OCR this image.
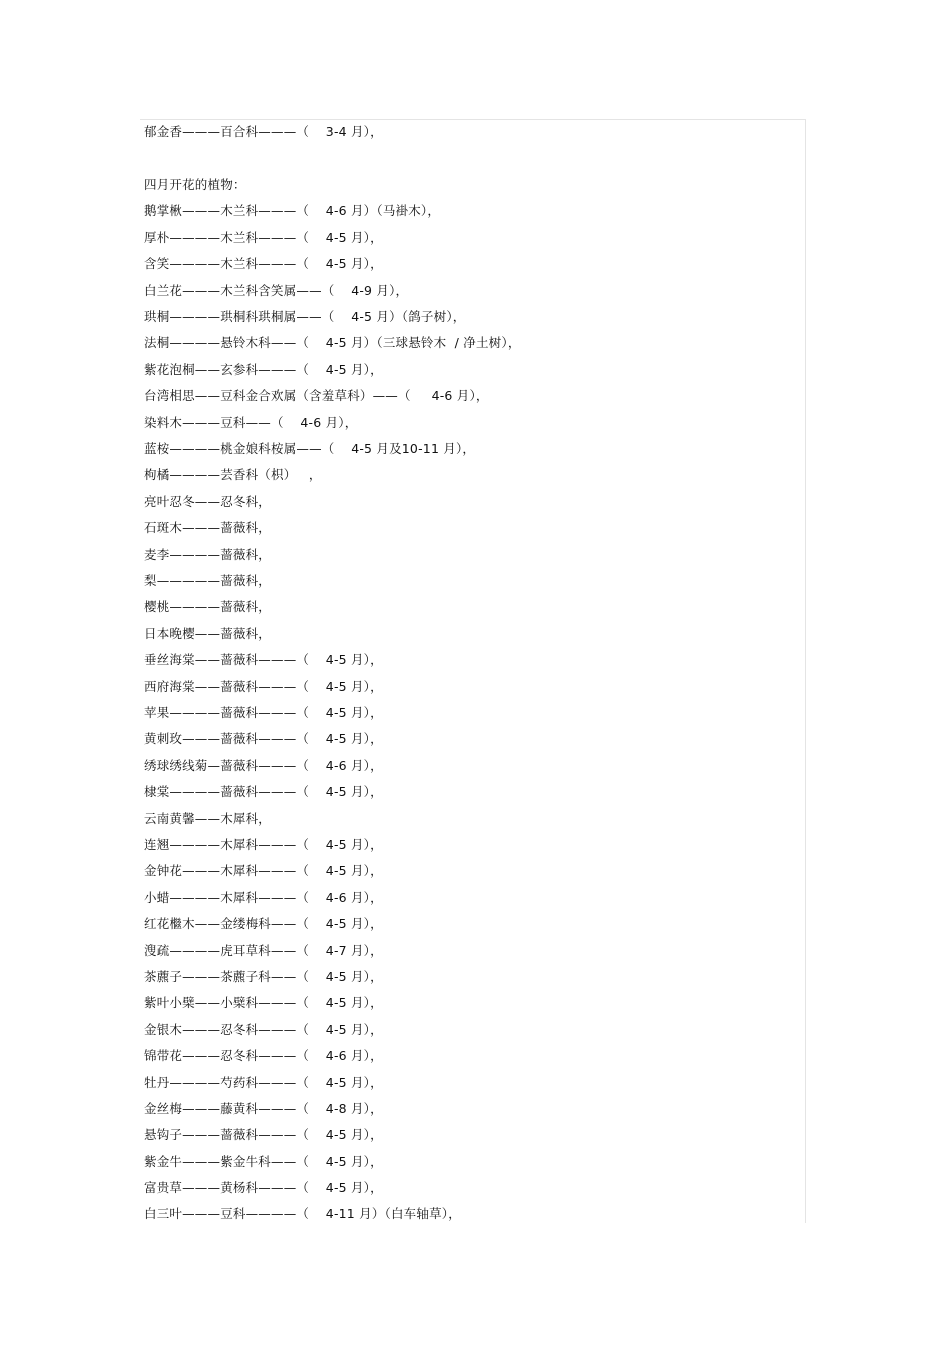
郁金香———百合科———（    3-4 月），
四月开花的植物：
鹅掌楸———木兰科———（    4-6 月）（马褂木），
厚朴————木兰科———（    4-5 月），
含笑————木兰科———（    4-5 月），
白兰花———木兰科含笑属——（    4-9 月），
珙桐————珙桐科珙桐属——（    4-5 月）（鸽子树），
法桐————悬铃木科——（    4-5 月）（三球悬铃木  / 净土树），
紫花泡桐——玄参科———（    4-5 月），
台湾相思——豆科金合欢属（含羞草科）——（     4-6 月），
染料木———豆科——（    4-6 月），
蓝桉————桃金娘科桉属——（    4-5 月及10-11 月），
枸橘————芸香科（枳）   ，
亮叶忍冬——忍冬科，
石斑木———蔷薇科，
麦李————蔷薇科，
梨—————蔷薇科，
樱桃————蔷薇科，
日本晚樱——蔷薇科，
垂丝海棠——蔷薇科———（    4-5 月），
西府海棠——蔷薇科———（    4-5 月），
苹果————蔷薇科———（    4-5 月），
黄刺玫———蔷薇科———（    4-5 月），
绣球绣线菊—蔷薇科———（    4-6 月），
棣棠————蔷薇科———（    4-5 月），
云南黄馨——木犀科，
连翘————木犀科———（    4-5 月），
金钟花———木犀科———（    4-5 月），
小蜡————木犀科———（    4-6 月），
红花檵木——金缕梅科——（    4-5 月），
溲疏————虎耳草科——（    4-7 月），
茶藨子———茶藨子科——（    4-5 月），
紫叶小檗——小檗科———（    4-5 月），
金银木———忍冬科———（    4-5 月），
锦带花———忍冬科———（    4-6 月），
牡丹————芍药科———（    4-5 月），
金丝梅———藤黄科———（    4-8 月），
悬钩子———蔷薇科———（    4-5 月），
紫金牛———紫金牛科——（    4-5 月），
富贵草———黄杨科———（    4-5 月），
白三叶———豆科————（    4-11 月）（白车轴草），
